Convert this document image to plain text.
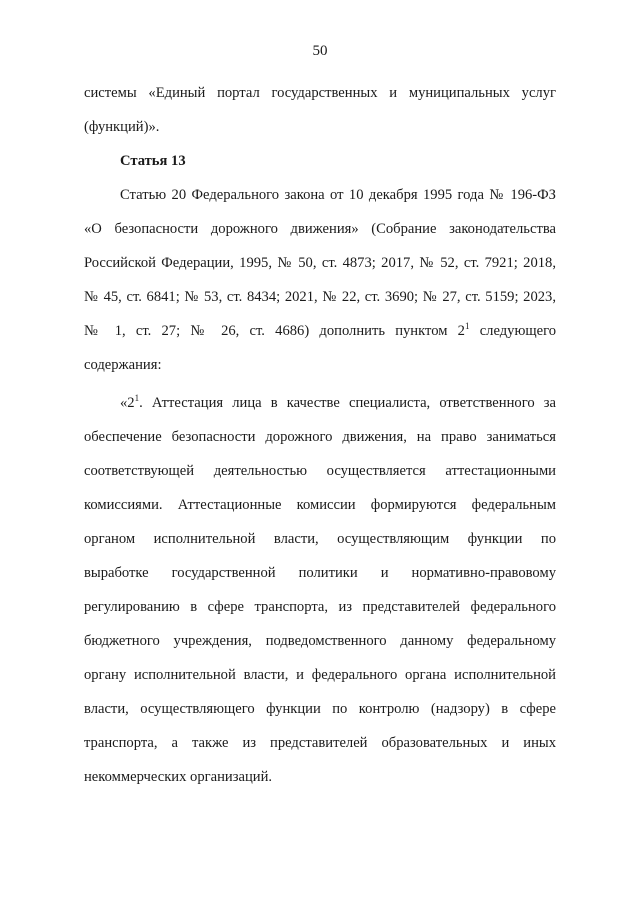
50
системы «Единый портал государственных и муниципальных услуг
(функций)».
Статья 13
Статью 20 Федерального закона от 10 декабря 1995 года № 196-ФЗ
«О безопасности дорожного движения» (Собрание законодательства
Российской Федерации, 1995, № 50, ст. 4873; 2017, № 52, ст. 7921; 2018,
№ 45, ст. 6841; № 53, ст. 8434; 2021, № 22, ст. 3690; № 27, ст. 5159; 2023,
№ 1, ст. 27; № 26, ст. 4686) дополнить пунктом $2^1$ следующего
содержания:
«$2^1$. Аттестация лица в качестве специалиста, ответственного за
обеспечение безопасности дорожного движения, на право заниматься
соответствующей деятельностью осуществляется аттестационными
комиссиями. Аттестационные комиссии формируются федеральным
органом исполнительной власти, осуществляющим функции по
выработке государственной политики и нормативно-правовому
регулированию в сфере транспорта, из представителей федерального
бюджетного учреждения, подведомственного данному федеральному
органу исполнительной власти, и федерального органа исполнительной
власти, осуществляющего функции по контролю (надзору) в сфере
транспорта, а также из представителей образовательных и иных
некоммерческих организаций.
